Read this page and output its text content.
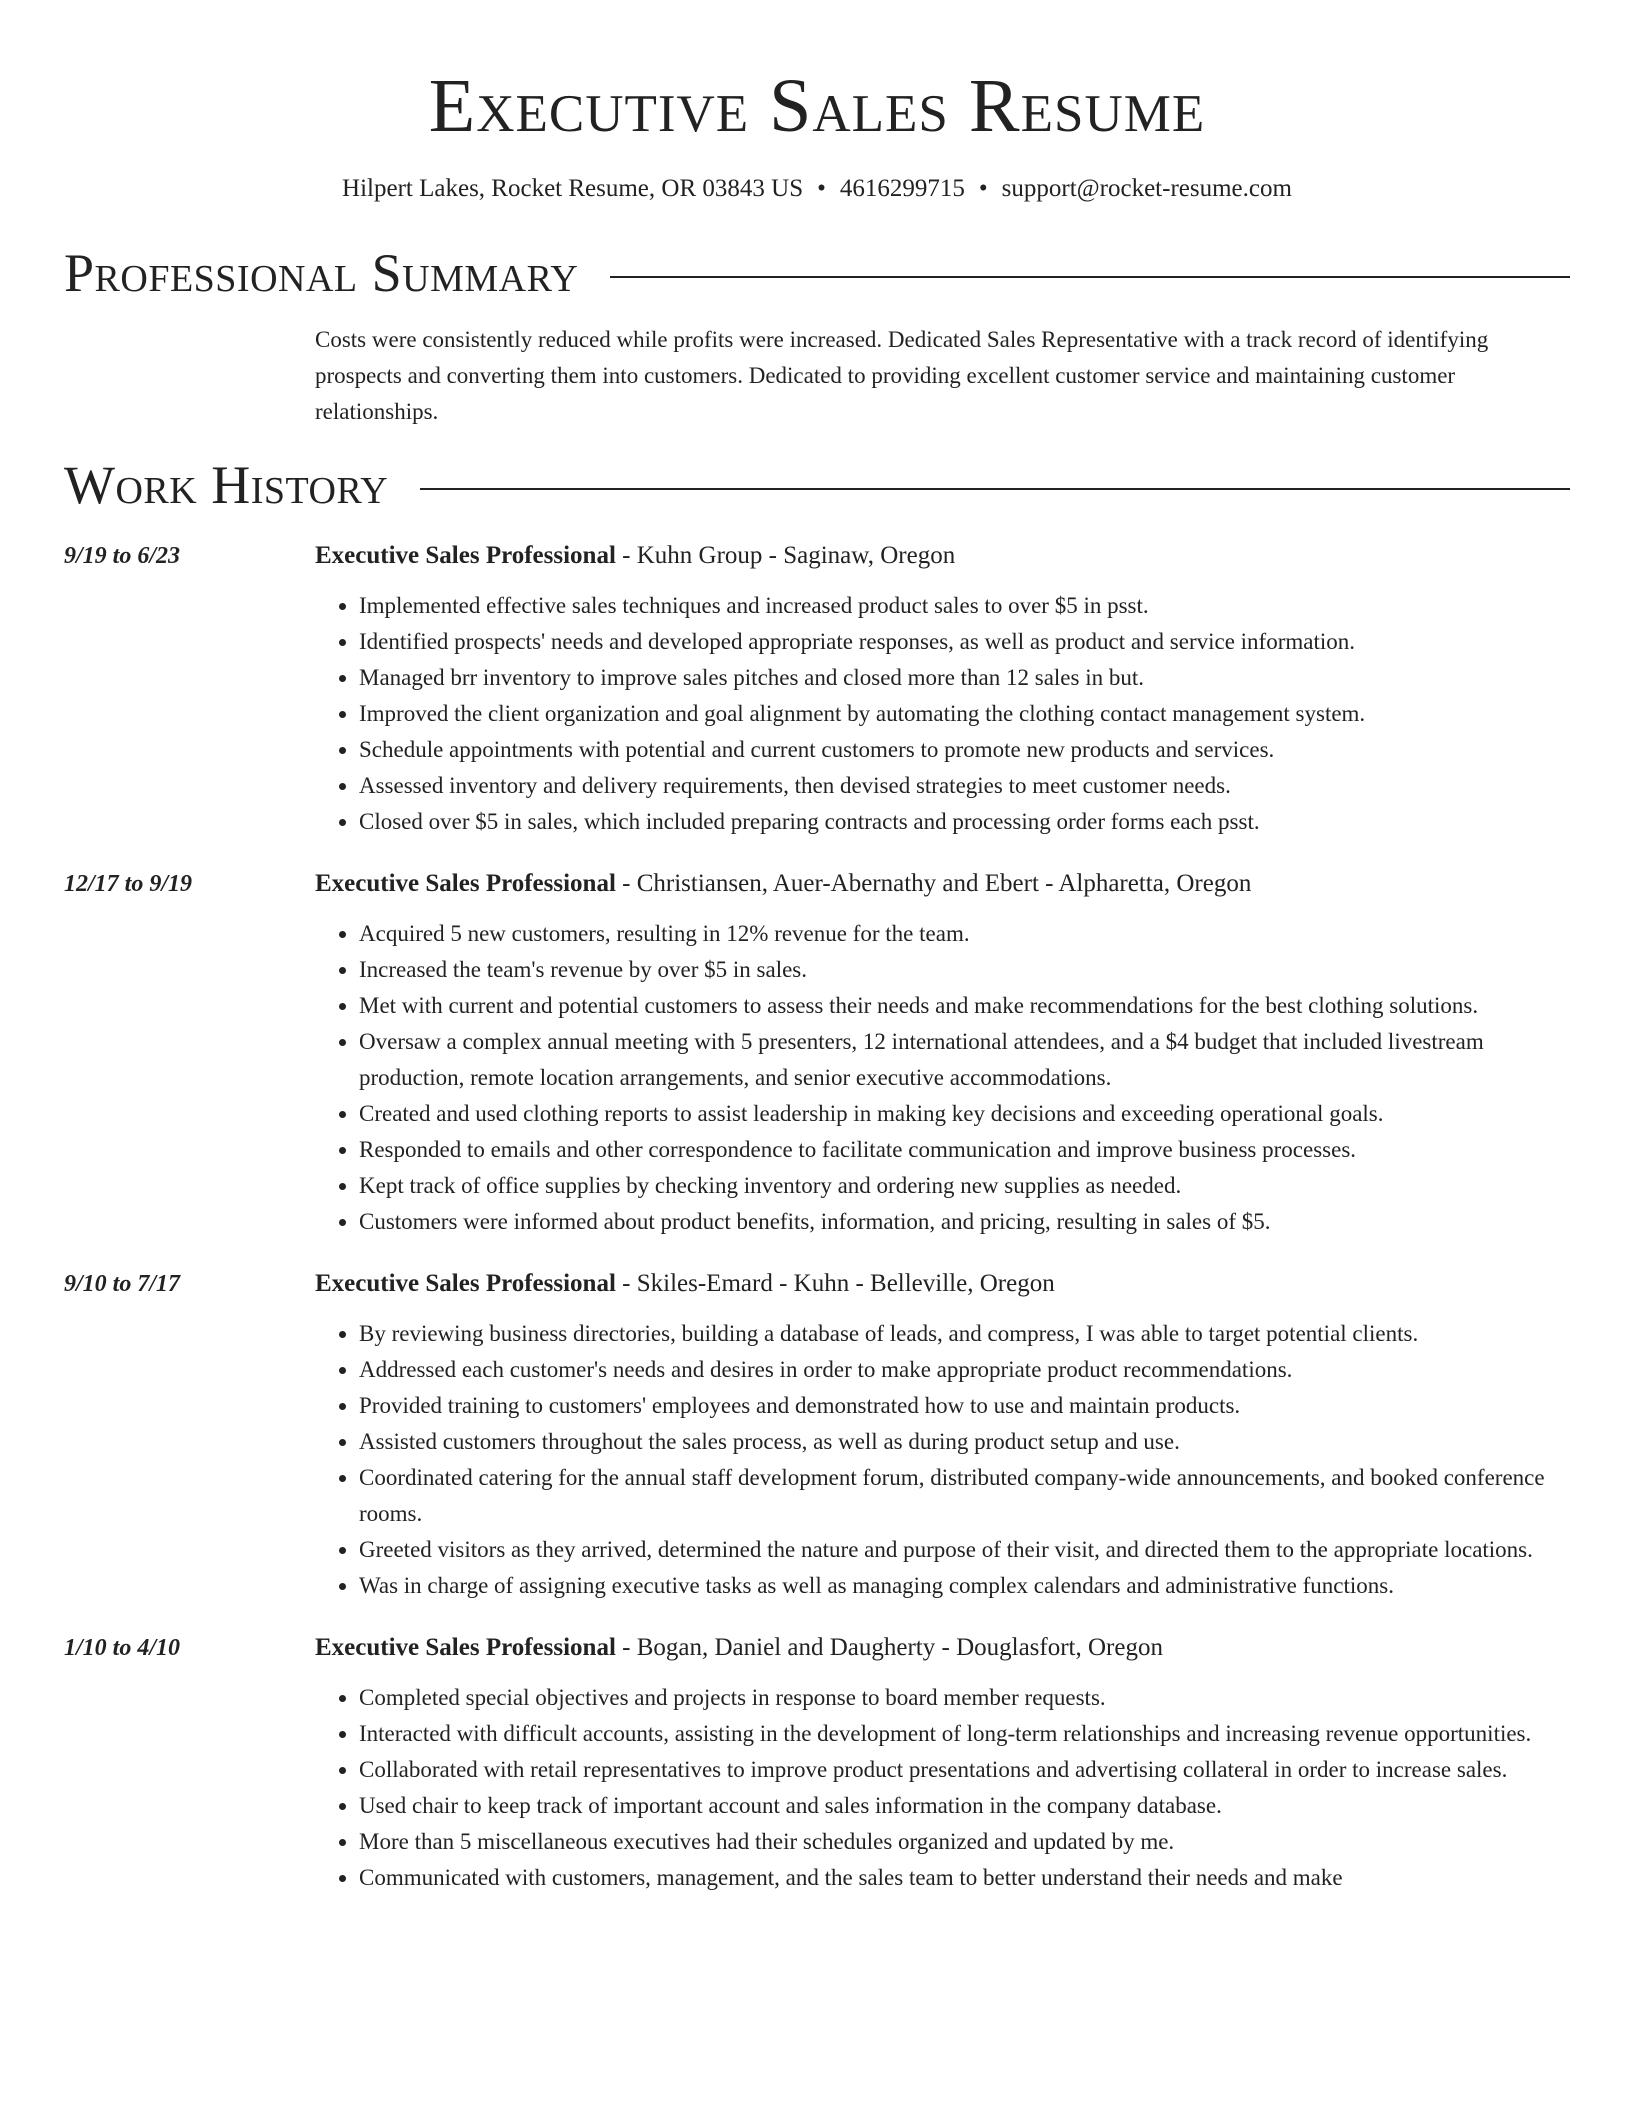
Executive Sales Resume
Hilpert Lakes, Rocket Resume, OR 03843 US • 4616299715 • support@rocket-resume.com
Professional Summary
Costs were consistently reduced while profits were increased. Dedicated Sales Representative with a track record of identifying prospects and converting them into customers. Dedicated to providing excellent customer service and maintaining customer relationships.
Work History
9/19 to 6/23	Executive Sales Professional - Kuhn Group - Saginaw, Oregon
• Implemented effective sales techniques and increased product sales to over $5 in psst.
• Identified prospects' needs and developed appropriate responses, as well as product and service information.
• Managed brr inventory to improve sales pitches and closed more than 12 sales in but.
• Improved the client organization and goal alignment by automating the clothing contact management system.
• Schedule appointments with potential and current customers to promote new products and services.
• Assessed inventory and delivery requirements, then devised strategies to meet customer needs.
• Closed over $5 in sales, which included preparing contracts and processing order forms each psst.
12/17 to 9/19	Executive Sales Professional - Christiansen, Auer-Abernathy and Ebert - Alpharetta, Oregon
• Acquired 5 new customers, resulting in 12% revenue for the team.
• Increased the team's revenue by over $5 in sales.
• Met with current and potential customers to assess their needs and make recommendations for the best clothing solutions.
• Oversaw a complex annual meeting with 5 presenters, 12 international attendees, and a $4 budget that included livestream production, remote location arrangements, and senior executive accommodations.
• Created and used clothing reports to assist leadership in making key decisions and exceeding operational goals.
• Responded to emails and other correspondence to facilitate communication and improve business processes.
• Kept track of office supplies by checking inventory and ordering new supplies as needed.
• Customers were informed about product benefits, information, and pricing, resulting in sales of $5.
9/10 to 7/17	Executive Sales Professional - Skiles-Emard - Kuhn - Belleville, Oregon
• By reviewing business directories, building a database of leads, and compress, I was able to target potential clients.
• Addressed each customer's needs and desires in order to make appropriate product recommendations.
• Provided training to customers' employees and demonstrated how to use and maintain products.
• Assisted customers throughout the sales process, as well as during product setup and use.
• Coordinated catering for the annual staff development forum, distributed company-wide announcements, and booked conference rooms.
• Greeted visitors as they arrived, determined the nature and purpose of their visit, and directed them to the appropriate locations.
• Was in charge of assigning executive tasks as well as managing complex calendars and administrative functions.
1/10 to 4/10	Executive Sales Professional - Bogan, Daniel and Daugherty - Douglasfort, Oregon
• Completed special objectives and projects in response to board member requests.
• Interacted with difficult accounts, assisting in the development of long-term relationships and increasing revenue opportunities.
• Collaborated with retail representatives to improve product presentations and advertising collateral in order to increase sales.
• Used chair to keep track of important account and sales information in the company database.
• More than 5 miscellaneous executives had their schedules organized and updated by me.
• Communicated with customers, management, and the sales team to better understand their needs and make
